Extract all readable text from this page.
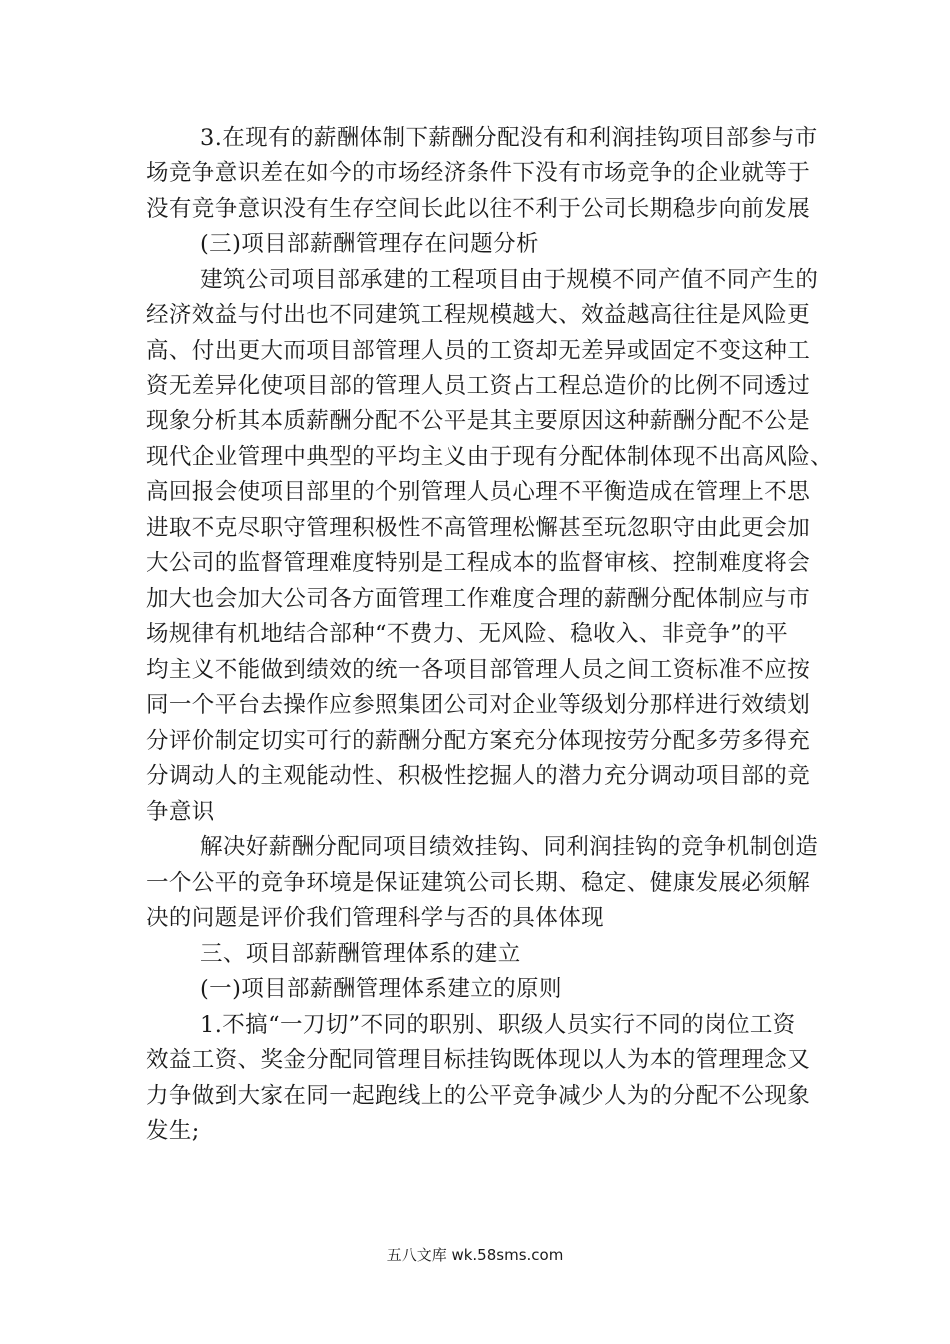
3.在现有的薪酬体制下薪酬分配没有和利润挂钩项目部参与市
场竞争意识差在如今的市场经济条件下没有市场竞争的企业就等于
没有竞争意识没有生存空间长此以往不利于公司长期稳步向前发展
(三)项目部薪酬管理存在问题分析
建筑公司项目部承建的工程项目由于规模不同产值不同产生的
经济效益与付出也不同建筑工程规模越大、效益越高往往是风险更
高、付出更大而项目部管理人员的工资却无差异或固定不变这种工
资无差异化使项目部的管理人员工资占工程总造价的比例不同透过
现象分析其本质薪酬分配不公平是其主要原因这种薪酬分配不公是
现代企业管理中典型的平均主义由于现有分配体制体现不出高风险、
高回报会使项目部里的个别管理人员心理不平衡造成在管理上不思
进取不克尽职守管理积极性不高管理松懈甚至玩忽职守由此更会加
大公司的监督管理难度特别是工程成本的监督审核、控制难度将会
加大也会加大公司各方面管理工作难度合理的薪酬分配体制应与市
场规律有机地结合部种“不费力、无风险、稳收入、非竞争”的平
均主义不能做到绩效的统一各项目部管理人员之间工资标准不应按
同一个平台去操作应参照集团公司对企业等级划分那样进行效绩划
分评价制定切实可行的薪酬分配方案充分体现按劳分配多劳多得充
分调动人的主观能动性、积极性挖掘人的潜力充分调动项目部的竞
争意识
解决好薪酬分配同项目绩效挂钩、同利润挂钩的竞争机制创造
一个公平的竞争环境是保证建筑公司长期、稳定、健康发展必须解
决的问题是评价我们管理科学与否的具体体现
三、项目部薪酬管理体系的建立
(一)项目部薪酬管理体系建立的原则
1.不搞“一刀切”不同的职别、职级人员实行不同的岗位工资
效益工资、奖金分配同管理目标挂钩既体现以人为本的管理理念又
力争做到大家在同一起跑线上的公平竞争减少人为的分配不公现象
发生;
五八文库 wk.58sms.com
